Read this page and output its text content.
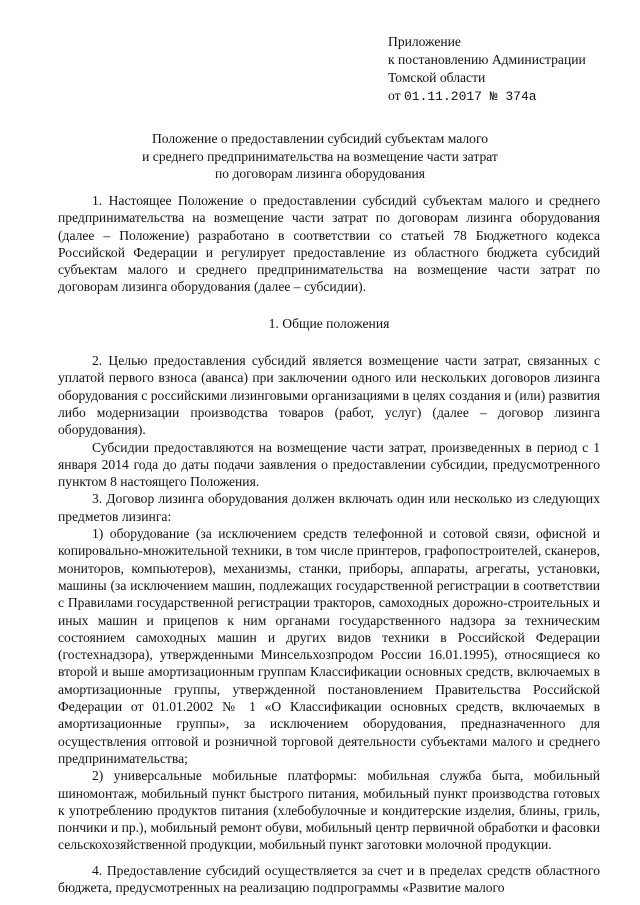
Приложение
к постановлению Администрации
Томской области
от 01.11.2017 № 374а
Положение о предоставлении субсидий субъектам малого
и среднего предпринимательства на возмещение части затрат
по договорам лизинга оборудования

1. Настоящее Положение о предоставлении субсидий субъектам малого и среднего предпринимательства на возмещение части затрат по договорам лизинга оборудования (далее – Положение) разработано в соответствии со статьей 78 Бюджетного кодекса Российской Федерации и регулирует предоставление из областного бюджета субсидий субъектам малого и среднего предпринимательства на возмещение части затрат по договорам лизинга оборудования (далее – субсидии).

1. Общие положения

2. Целью предоставления субсидий является возмещение части затрат, связанных с уплатой первого взноса (аванса) при заключении одного или нескольких договоров лизинга оборудования с российскими лизинговыми организациями в целях создания и (или) развития либо модернизации производства товаров (работ, услуг) (далее – договор лизинга оборудования).

Субсидии предоставляются на возмещение части затрат, произведенных в период с 1 января 2014 года до даты подачи заявления о предоставлении субсидии, предусмотренного пунктом 8 настоящего Положения.

3. Договор лизинга оборудования должен включать один или несколько из следующих предметов лизинга:

1) оборудование (за исключением средств телефонной и сотовой связи, офисной и копировально-множительной техники, в том числе принтеров, графопостроителей, сканеров, мониторов, компьютеров), механизмы, станки, приборы, аппараты, агрегаты, установки, машины (за исключением машин, подлежащих государственной регистрации в соответствии с Правилами государственной регистрации тракторов, самоходных дорожно-строительных и иных машин и прицепов к ним органами государственного надзора за техническим состоянием самоходных машин и других видов техники в Российской Федерации (гостехнадзора), утвержденными Минсельхозпродом России 16.01.1995), относящиеся ко второй и выше амортизационным группам Классификации основных средств, включаемых в амортизационные группы, утвержденной постановлением Правительства Российской Федерации от 01.01.2002 № 1 «О Классификации основных средств, включаемых в амортизационные группы», за исключением оборудования, предназначенного для осуществления оптовой и розничной торговой деятельности субъектами малого и среднего предпринимательства;

2) универсальные мобильные платформы: мобильная служба быта, мобильный шиномонтаж, мобильный пункт быстрого питания, мобильный пункт производства готовых к употреблению продуктов питания (хлебобулочные и кондитерские изделия, блины, гриль, пончики и пр.), мобильный ремонт обуви, мобильный центр первичной обработки и фасовки сельскохозяйственной продукции, мобильный пункт заготовки молочной продукции.

4. Предоставление субсидий осуществляется за счет и в пределах средств областного бюджета, предусмотренных на реализацию подпрограммы «Развитие малого
